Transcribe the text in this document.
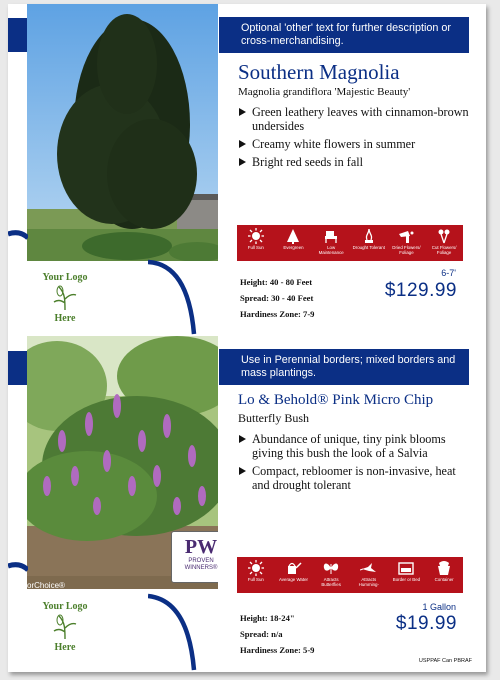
Optional 'other' text for further description or cross-merchandising.
Southern Magnolia
Magnolia grandiflora 'Majestic Beauty'
Green leathery leaves with cinnamon-brown undersides
Creamy white flowers in summer
Bright red seeds in fall
Full Sun	Evergreen	Low Maintenance
Drought Tolerant	Dried Flowers/ Foliage
Cut Flowers/ Foliage
Your Logo
Here
Height: 40 - 80 Feet
Spread: 30 - 40 Feet
Hardiness Zone: 7-9
6-7'
$129.99
PW
PROVEN
WINNERS®
orChoice®
Use in Perennial borders; mixed borders and mass plantings.
Lo & Behold® Pink Micro Chip
Butterfly Bush
Abundance of unique, tiny pink blooms giving this bush the look of a Salvia
Compact, rebloomer is non-invasive, heat and drought tolerant
Full Sun	Average Water	Attracts Butterflies
Attracts Humming-
Border or Bed	Container
Your Logo
Here
Height: 18-24"
Spread: n/a
Hardiness Zone: 5-9
1 Gallon
$19.99
USPPAF Can PBRAF
